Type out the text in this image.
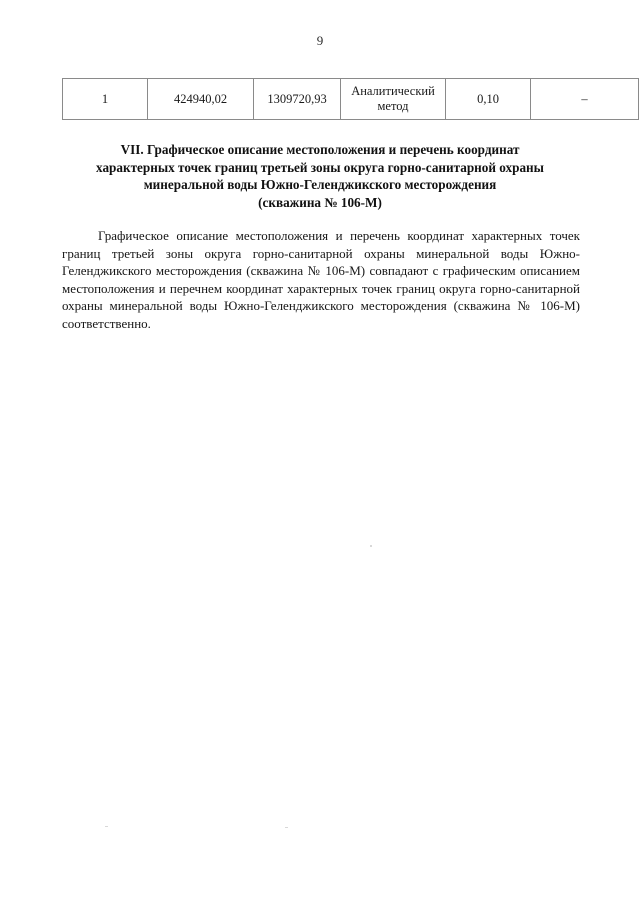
9
1	424940,02	1309720,93	Аналитический метод	0,10	–
VII. Графическое описание местоположения и перечень координат
характерных точек границ третьей зоны округа горно-санитарной охраны
минеральной воды Южно-Геленджикского месторождения
(скважина № 106-М)
Графическое описание местоположения и перечень координат характерных точек границ третьей зоны округа горно-санитарной охраны минеральной воды Южно-Геленджикского месторождения (скважина № 106-М) совпадают с графическим описанием местоположения и перечнем координат характерных точек границ округа горно-санитарной охраны минеральной воды Южно-Геленджикского месторождения (скважина № 106-М) соответственно.
